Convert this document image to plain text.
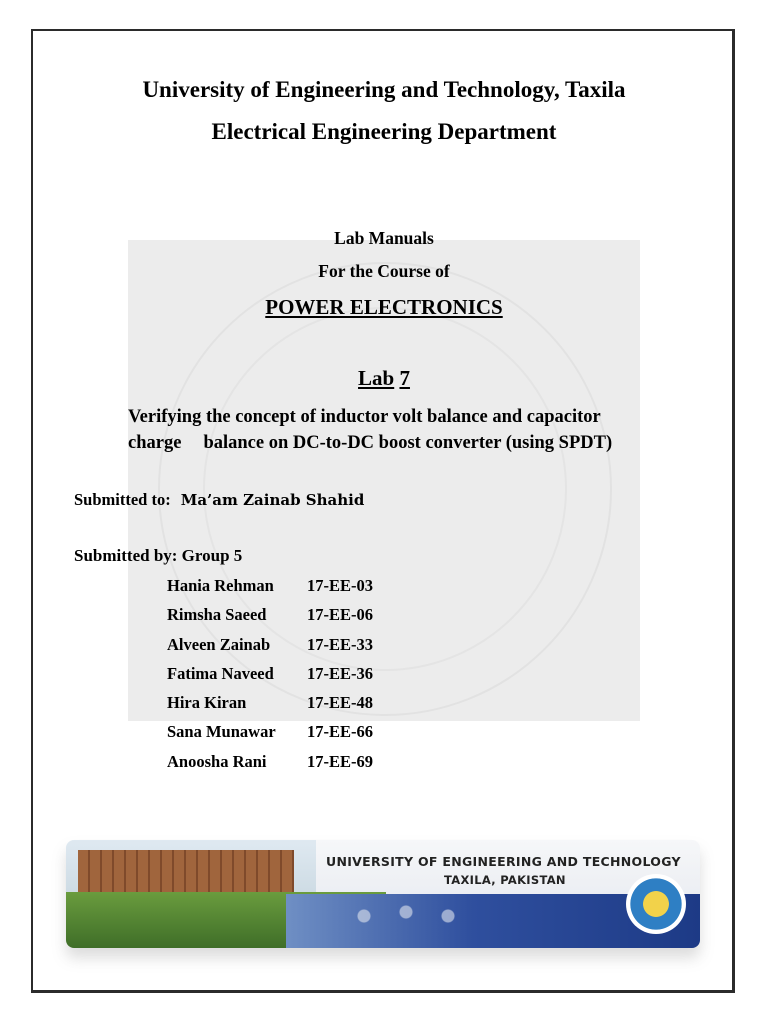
University of Engineering and Technology, Taxila
Electrical Engineering Department
Lab Manuals
For the Course of
POWER ELECTRONICS
Lab 7
Verifying the concept of inductor volt balance and capacitor
charge balance on DC-to-DC boost converter (using SPDT)
Submitted to: Ma’am Zainab Shahid
Submitted by: Group 5
Hania Rehman	17-EE-03
Rimsha Saeed	17-EE-06
Alveen Zainab	17-EE-33
Fatima Naveed	17-EE-36
Hira Kiran	17-EE-48
Sana Munawar	17-EE-66
Anoosha Rani	17-EE-69
UNIVERSITY OF ENGINEERING AND TECHNOLOGY
TAXILA, PAKISTAN
